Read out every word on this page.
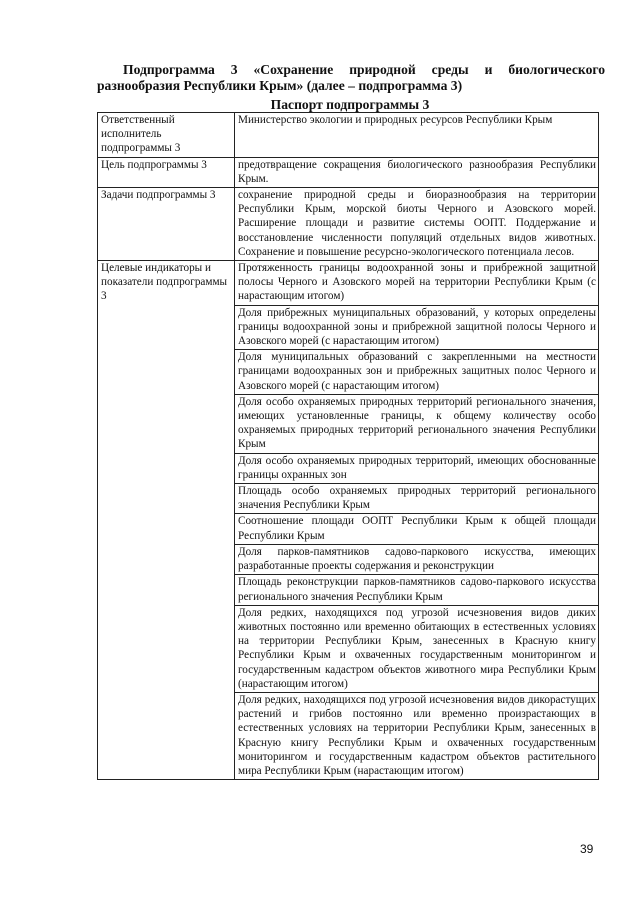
Подпрограмма 3 «Сохранение природной среды и биологического
разнообразия Республики Крым» (далее – подпрограмма 3)
Паспорт подпрограммы 3
Ответственный исполнитель подпрограммы 3	Министерство экологии и природных ресурсов Республики Крым
Цель подпрограммы 3	предотвращение сокращения биологического разнообразия Республики Крым.
Задачи подпрограммы 3	сохранение природной среды и биоразнообразия на территории Республики Крым, морской биоты Черного и Азовского морей. Расширение площади и развитие системы ООПТ. Поддержание и восстановление численности популяций отдельных видов животных. Сохранение и повышение ресурсно-экологического потенциала лесов.
Целевые индикаторы и показатели подпрограммы 3	Протяженность границы водоохранной зоны и прибрежной защитной полосы Черного и Азовского морей на территории Республики Крым (с нарастающим итогом)
	Доля прибрежных муниципальных образований, у которых определены границы водоохранной зоны и прибрежной защитной полосы Черного и Азовского морей (с нарастающим итогом)
	Доля муниципальных образований с закрепленными на местности границами водоохранных зон и прибрежных защитных полос Черного и Азовского морей (с нарастающим итогом)
	Доля особо охраняемых природных территорий регионального значения, имеющих установленные границы, к общему количеству особо охраняемых природных территорий регионального значения Республики Крым
	Доля особо охраняемых природных территорий, имеющих обоснованные границы охранных зон
	Площадь особо охраняемых природных территорий регионального значения Республики Крым
	Соотношение площади ООПТ Республики Крым к общей площади Республики Крым
	Доля парков-памятников садово-паркового искусства, имеющих разработанные проекты содержания и реконструкции
	Площадь реконструкции парков-памятников садово-паркового искусства регионального значения Республики Крым
	Доля редких, находящихся под угрозой исчезновения видов диких животных постоянно или временно обитающих в естественных условиях на территории Республики Крым, занесенных в Красную книгу Республики Крым и охваченных государственным мониторингом и государственным кадастром объектов животного мира Республики Крым (нарастающим итогом)
	Доля редких, находящихся под угрозой исчезновения видов дикорастущих растений и грибов постоянно или временно произрастающих в естественных условиях на территории Республики Крым, занесенных в Красную книгу Республики Крым и охваченных государственным мониторингом и государственным кадастром объектов растительного мира Республики Крым (нарастающим итогом)
39
